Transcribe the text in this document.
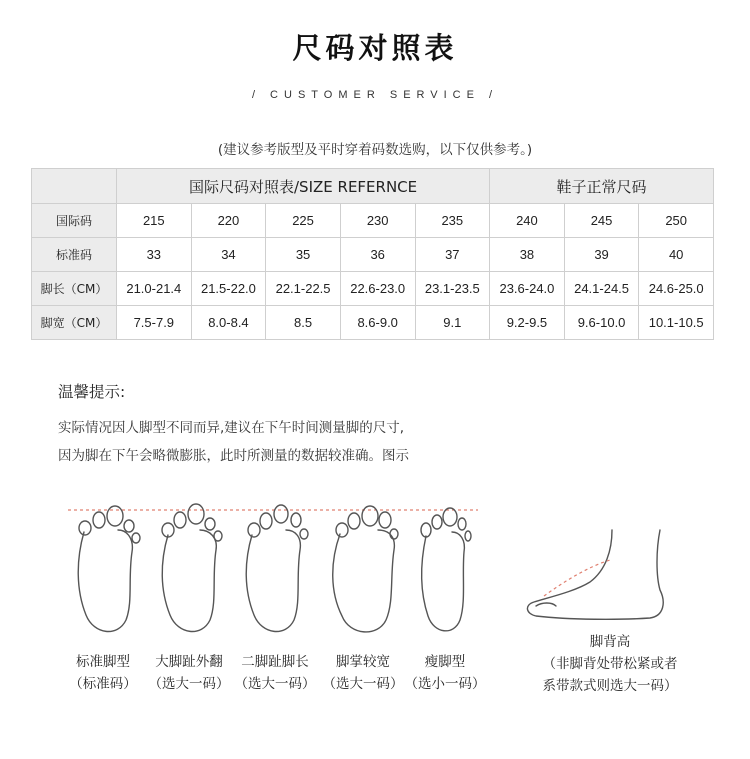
尺码对照表
/ CUSTOMER SERVICE /
(建议参考版型及平时穿着码数选购，以下仅供参考。)
	国际尺码对照表/SIZE REFERNCE					鞋子正常尺码		
国际码	215	220	225	230	235	240	245	250
标准码	33	34	35	36	37	38	39	40
脚长（CM）	21.0-21.4	21.5-22.0	22.1-22.5	22.6-23.0	23.1-23.5	23.6-24.0	24.1-24.5	24.6-25.0
脚宽（CM）	7.5-7.9	8.0-8.4	8.5	8.6-9.0	9.1	9.2-9.5	9.6-10.0	10.1-10.5
温馨提示:
实际情况因人脚型不同而异,建议在下午时间测量脚的尺寸,
因为脚在下午会略微膨胀，此时所测量的数据较准确。图示
标准脚型
（标准码）
大脚趾外翻
（选大一码）
二脚趾脚长
（选大一码）
脚掌较宽
（选大一码）
瘦脚型
（选小一码）
脚背高
（非脚背处带松紧或者
系带款式则选大一码）
